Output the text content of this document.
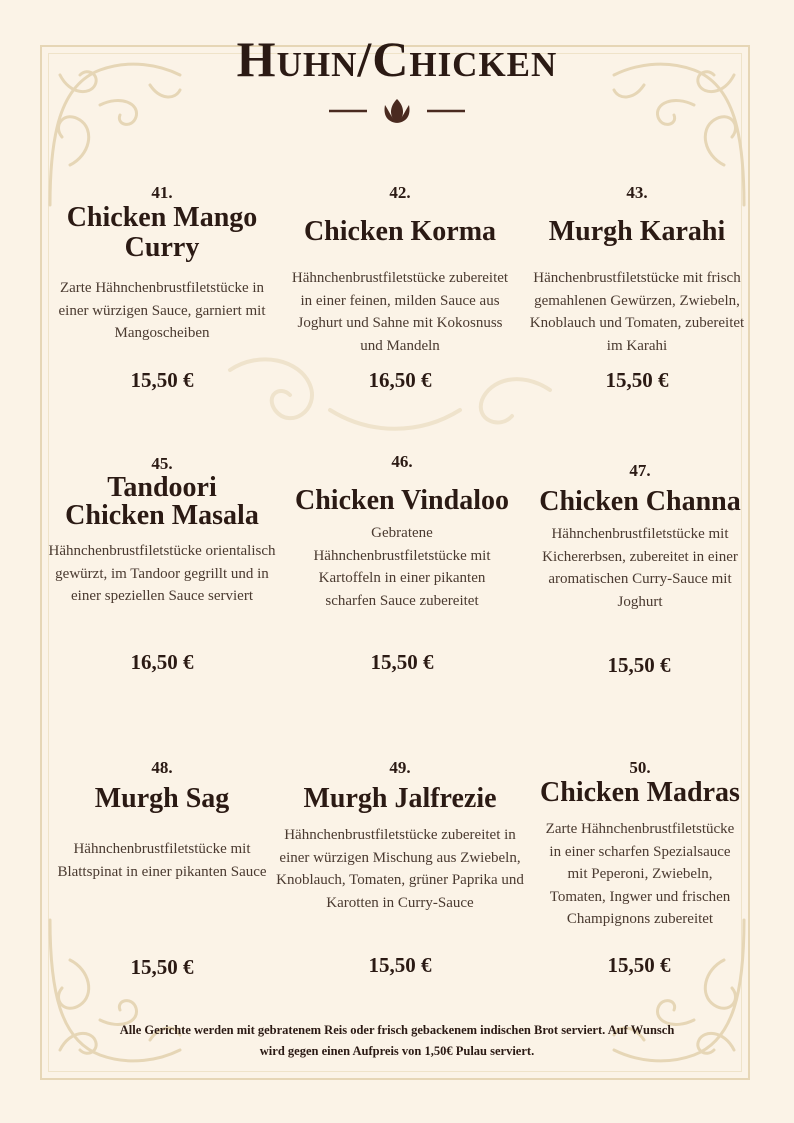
Huhn/Chicken
41.
Chicken Mango
Curry
Zarte Hähnchenbrustfiletstücke in einer würzigen Sauce, garniert mit Mangoscheiben
15,50 €
42.
Chicken Korma
Hähnchenbrustfiletstücke zubereitet in einer feinen, milden Sauce aus Joghurt und Sahne mit Kokosnuss und Mandeln
16,50 €
43.
Murgh Karahi
Hänchenbrustfiletstücke mit frisch gemahlenen Gewürzen, Zwiebeln, Knoblauch und Tomaten, zubereitet im Karahi
15,50 €
45.
Tandoori
Chicken Masala
Hähnchenbrustfiletstücke orientalisch gewürzt, im Tandoor gegrillt und in einer speziellen Sauce serviert
16,50 €
46.
Chicken Vindaloo
Gebratene Hähnchenbrustfiletstücke mit Kartoffeln in einer pikanten scharfen Sauce zubereitet
15,50 €
47.
Chicken Channa
Hähnchenbrustfiletstücke mit Kichererbsen, zubereitet in einer aromatischen Curry-Sauce mit Joghurt
15,50 €
48.
Murgh Sag
Hähnchenbrustfiletstücke mit Blattspinat in einer pikanten Sauce
15,50 €
49.
Murgh Jalfrezie
Hähnchenbrustfiletstücke zubereitet in einer würzigen Mischung aus Zwiebeln, Knoblauch, Tomaten, grüner Paprika und Karotten in Curry-Sauce
15,50 €
50.
Chicken Madras
Zarte Hähnchenbrustfiletstücke in einer scharfen Spezialsauce mit Peperoni, Zwiebeln, Tomaten, Ingwer und frischen Champignons zubereitet
15,50 €
Alle Gerichte werden mit gebratenem Reis oder frisch gebackenem indischen Brot serviert. Auf Wunsch wird gegen einen Aufpreis von 1,50€ Pulau serviert.
